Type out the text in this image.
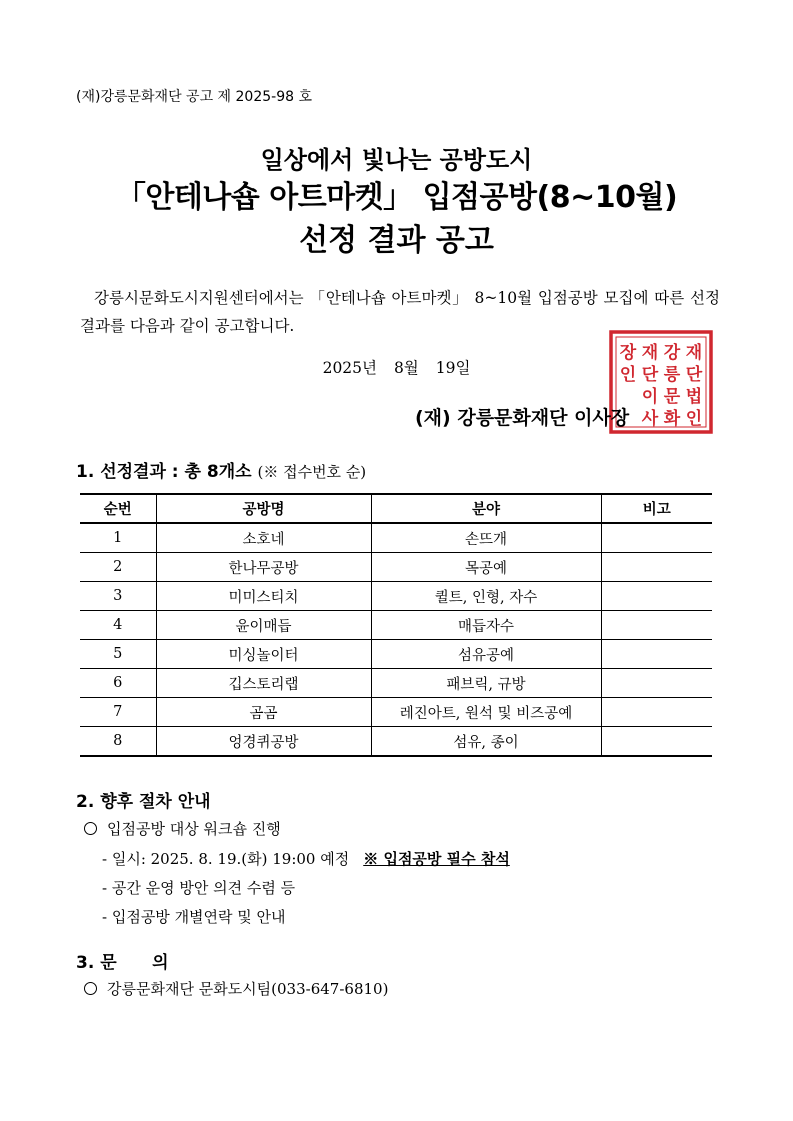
(재)강릉문화재단 공고 제 2025-98 호
일상에서 빛나는 공방도시
「안테나숍 아트마켓」 입점공방(8~10월)
선정 결과 공고
강릉시문화도시지원센터에서는 「안테나숍 아트마켓」 8~10월 입점공방 모집에 따른 선정결과를 다음과 같이 공고합니다.
2025년 8월 19일
재
단
법
인
강
릉
문
화
재
단
이
사
장
인
(재) 강릉문화재단 이사장
1. 선정결과 : 총 8개소 (※ 접수번호 순)
순번	공방명	분야	비고
1	소호네	손뜨개	
2	한나무공방	목공예	
3	미미스티치	퀼트, 인형, 자수	
4	윤이매듭	매듭자수	
5	미싱놀이터	섬유공예	
6	깁스토리랩	패브릭, 규방	
7	곰곰	레진아트, 원석 및 비즈공예	
8	엉경퀴공방	섬유, 종이	
2. 향후 절차 안내
입점공방 대상 워크숍 진행
- 일시: 2025. 8. 19.(화) 19:00 예정 ※ 입점공방 필수 참석
- 공간 운영 방안 의견 수렴 등
- 입점공방 개별연락 및 안내
3. 문      의
강릉문화재단 문화도시팀(033-647-6810)
